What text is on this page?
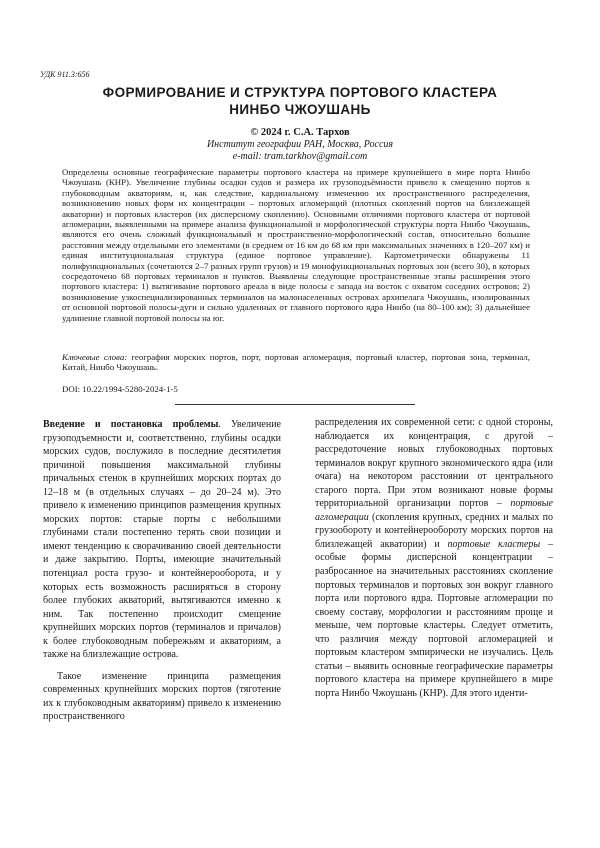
УДК 911.3:656
ФОРМИРОВАНИЕ И СТРУКТУРА ПОРТОВОГО КЛАСТЕРА
НИНБО ЧЖОУШАНЬ
© 2024 г. С.А. Тархов
Институт географии РАН, Москва, Россия
e-mail: tram.tarkhov@gmail.com

Определены основные географические параметры портового кластера на примере крупнейшего в мире порта Нинбо Чжоушань (КНР). Увеличение глубины осадки судов и размера их грузоподъёмности привело к смещению портов к глубоководным акваториям, и, как следствие, кардинальному изменению их пространственного распределения, возникновению новых форм их концентрации – портовых агломераций (плотных скоплений портов на близлежащей акватории) и портовых кластеров (их дисперсному скоплению). Основными отличиями портового кластера от портовой агломерации, выявленными на примере анализа функциональной и морфологической структуры порта Нинбо Чжоушань, являются его очень сложный функциональный и пространственно-морфологический состав, относительно большие расстояния между отдельными его элементами (в среднем от 16 км до 68 км при максимальных значениях в 120–207 км) и единая институциональная структура (единое портовое управление). Картометрически обнаружены 11 полифункциональных (сочетаются 2–7 разных групп грузов) и 19 монофункциональных портовых зон (всего 30), в которых сосредоточено 68 портовых терминалов и пунктов. Выявлены следующие пространственные этапы расширения этого портового кластера: 1) вытягивание портового ареала в виде полосы с запада на восток с охватом соседних островов; 2) возникновение узкоспециализированных терминалов на малонаселенных островах архипелага Чжоушань, изолированных от основной портовой полосы-дуги и сильно удаленных от главного портового ядра Нинбо (на 80–100 км); 3) дальнейшее удлинение главной портовой полосы на юг.

Ключевые слова: география морских портов, порт, портовая агломерация, портовый кластер, портовая зона, терминал, Китай, Нинбо Чжоушань.

DOI: 10.22/1994-5280-2024-1-5

Введение и постановка проблемы. Увеличение грузоподъемности и, соответственно, глубины осадки морских судов, послужило в последние десятилетия причиной повышения максимальной глубины причальных стенок в крупнейших морских портах до 12–18 м (в отдельных случаях – до 20–24 м). Это привело к изменению принципов размещения крупных морских портов: старые порты с небольшими глубинами стали постепенно терять свои позиции и имеют тенденцию к сворачиванию своей деятельности и даже закрытию. Порты, имеющие значительный потенциал роста грузо- и контейнерооборота, и у которых есть возможность расширяться в сторону более глубоких акваторий, вытягиваются именно к ним. Так постепенно происходит смещение крупнейших морских портов (терминалов и причалов) к более глубоководным побережьям и акваториям, а также на близлежащие острова.

Такое изменение принципа размещения современных крупнейших морских портов (тяготение их к глубоководным акваториям) привело к изменению пространственного

распределения их современной сети: с одной стороны, наблюдается их концентрация, с другой – рассредоточение новых глубоководных портовых терминалов вокруг крупного экономического ядра (или очага) на некотором расстоянии от центрального старого порта. При этом возникают новые формы территориальной организации портов – портовые агломерации (скопления крупных, средних и малых по грузообороту и контейнерообороту морских портов на близлежащей акватории) и портовые кластеры – особые формы дисперсной концентрации – разбросанное на значительных расстояниях скопление портовых терминалов и портовых зон вокруг главного порта или портового ядра. Портовые агломерации по своему составу, морфологии и расстояниям проще и меньше, чем портовые кластеры. Следует отметить, что различия между портовой агломерацией и портовым кластером эмпирически не изучались. Цель статьи – выявить основные географические параметры портового кластера на примере крупнейшего в мире порта Нинбо Чжоушань (КНР). Для этого иденти-
